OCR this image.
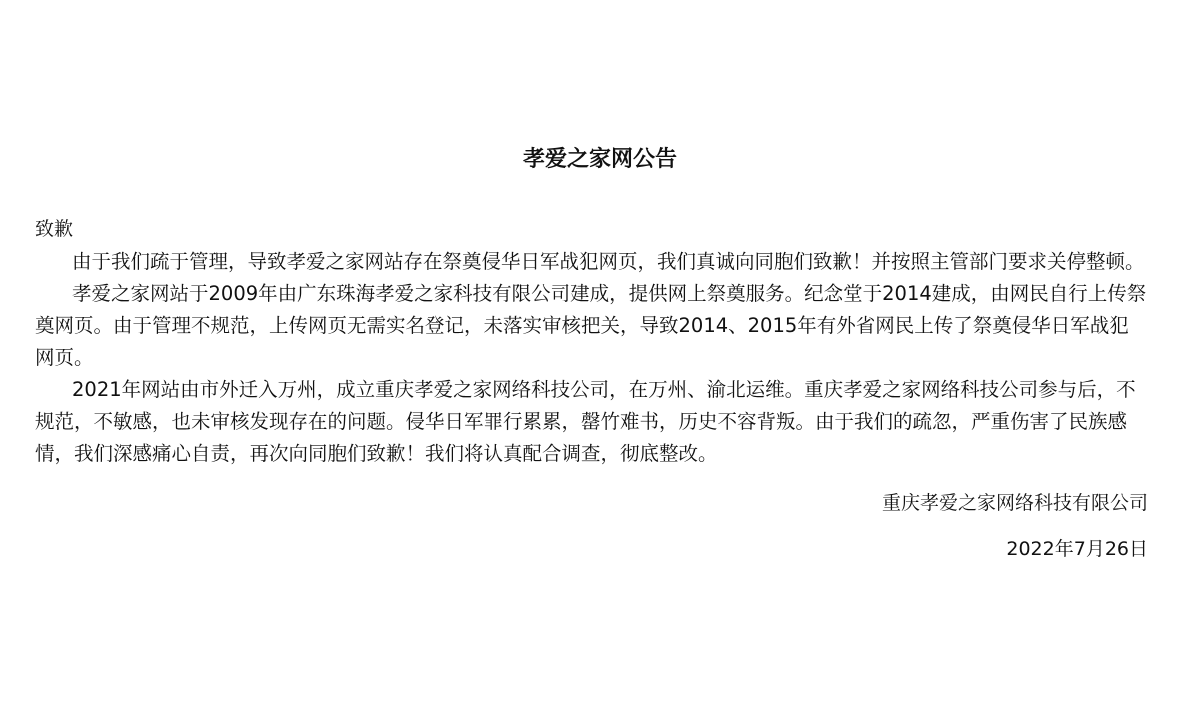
孝爱之家网公告
致歉

由于我们疏于管理，导致孝爱之家网站存在祭奠侵华日军战犯网页，我们真诚向同胞们致歉！并按照主管部门要求关停整顿。

孝爱之家网站于2009年由广东珠海孝爱之家科技有限公司建成，提供网上祭奠服务。纪念堂于2014建成，由网民自行上传祭奠网页。由于管理不规范，上传网页无需实名登记，未落实审核把关，导致2014、2015年有外省网民上传了祭奠侵华日军战犯网页。

2021年网站由市外迁入万州，成立重庆孝爱之家网络科技公司，在万州、渝北运维。重庆孝爱之家网络科技公司参与后，不规范，不敏感，也未审核发现存在的问题。侵华日军罪行累累，罄竹难书，历史不容背叛。由于我们的疏忽，严重伤害了民族感情，我们深感痛心自责，再次向同胞们致歉！我们将认真配合调查，彻底整改。

重庆孝爱之家网络科技有限公司
2022年7月26日
